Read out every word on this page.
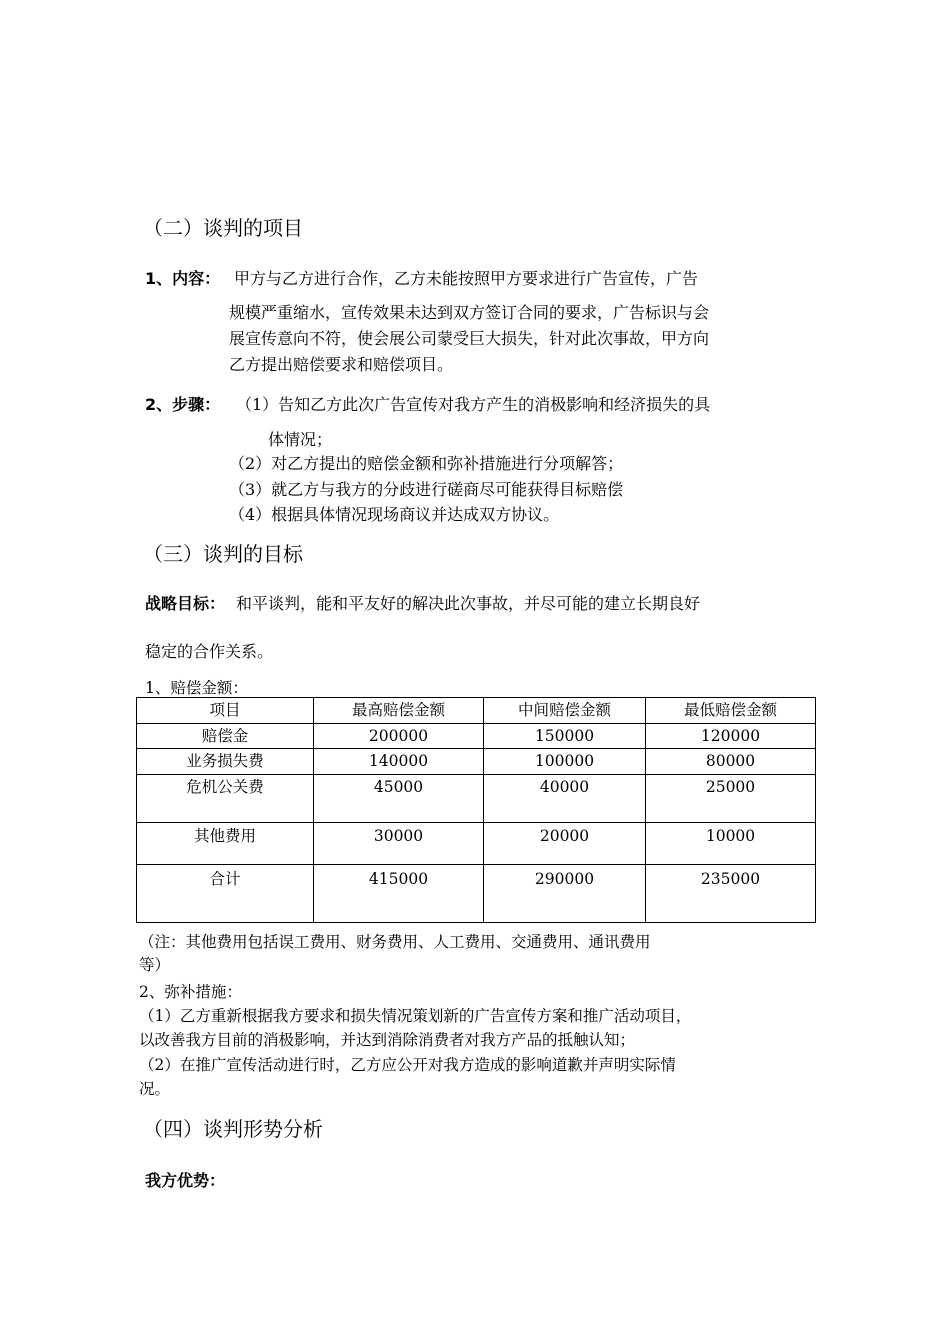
（二）谈判的项目
1、内容： 甲方与乙方进行合作，乙方未能按照甲方要求进行广告宣传，广告
规模严重缩水，宣传效果未达到双方签订合同的要求，广告标识与会
展宣传意向不符，使会展公司蒙受巨大损失，针对此次事故，甲方向
乙方提出赔偿要求和赔偿项目。
2、步骤： （1）告知乙方此次广告宣传对我方产生的消极影响和经济损失的具
体情况；
（2）对乙方提出的赔偿金额和弥补措施进行分项解答；
（3）就乙方与我方的分歧进行磋商尽可能获得目标赔偿
（4）根据具体情况现场商议并达成双方协议。
（三）谈判的目标
战略目标： 和平谈判，能和平友好的解决此次事故，并尽可能的建立长期良好
稳定的合作关系。
1、赔偿金额：
项目	最高赔偿金额	中间赔偿金额	最低赔偿金额
赔偿金	200000	150000	120000
业务损失费	140000	100000	80000
危机公关费	45000	40000	25000
其他费用	30000	20000	10000
合计	415000	290000	235000
（注：其他费用包括误工费用、财务费用、人工费用、交通费用、通讯费用
等）
2、弥补措施：
（1）乙方重新根据我方要求和损失情况策划新的广告宣传方案和推广活动项目，
以改善我方目前的消极影响，并达到消除消费者对我方产品的抵触认知；
（2）在推广宣传活动进行时，乙方应公开对我方造成的影响道歉并声明实际情
况。
（四）谈判形势分析
我方优势：
